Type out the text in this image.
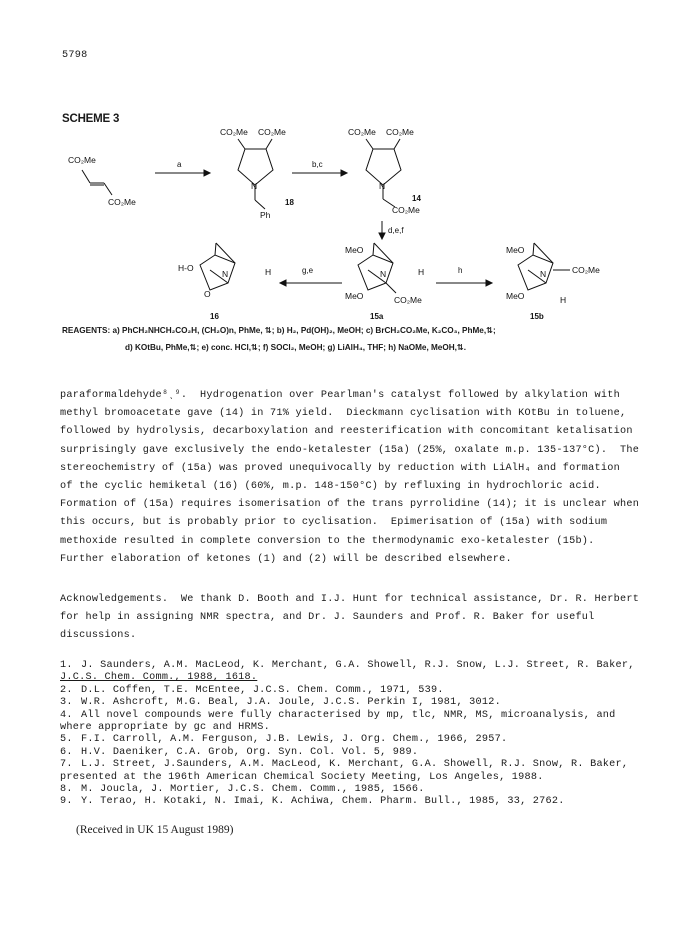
5798
SCHEME 3
CO₂Me
CO₂Me
a
CO₂Me CO₂Me
N
Ph
18
b,c
CO₂Me CO₂Me
N
CO₂Me
14
d,e,f
H-O
N
O
H
16
g,e
MeO
N	H
MeO	CO₂Me
15a
h
MeO
N	CO₂Me
MeO	H
15b
REAGENTS: a) PhCH₂NHCH₂CO₂H, (CH₂O)n, PhMe, ⇅; b) H₂, Pd(OH)₂, MeOH; c) BrCH₂CO₂Me, K₂CO₃, PhMe,⇅;
d) KOtBu, PhMe,⇅; e) conc. HCl,⇅; f) SOCl₂, MeOH; g) LiAlH₄, THF; h) NaOMe, MeOH,⇅.
paraformaldehyde⁸ˎ⁹.  Hydrogenation over Pearlman's catalyst followed by alkylation with
methyl bromoacetate gave (14) in 71% yield.  Dieckmann cyclisation with KOtBu in toluene,
followed by hydrolysis, decarboxylation and reesterification with concomitant ketalisation
surprisingly gave exclusively the endo-ketalester (15a) (25%, oxalate m.p. 135-137°C).  The
stereochemistry of (15a) was proved unequivocally by reduction with LiAlH₄ and formation
of the cyclic hemiketal (16) (60%, m.p. 148-150°C) by refluxing in hydrochloric acid.
Formation of (15a) requires isomerisation of the trans pyrrolidine (14); it is unclear when
this occurs, but is probably prior to cyclisation.  Epimerisation of (15a) with sodium
methoxide resulted in complete conversion to the thermodynamic exo-ketalester (15b).
Further elaboration of ketones (1) and (2) will be described elsewhere.
Acknowledgements.  We thank D. Booth and I.J. Hunt for technical assistance, Dr. R. Herbert
for help in assigning NMR spectra, and Dr. J. Saunders and Prof. R. Baker for useful
discussions.
1. J. Saunders, A.M. MacLeod, K. Merchant, G.A. Showell, R.J. Snow, L.J. Street, R. Baker,
J.C.S. Chem. Comm., 1988, 1618.
2. D.L. Coffen, T.E. McEntee, J.C.S. Chem. Comm., 1971, 539.
3. W.R. Ashcroft, M.G. Beal, J.A. Joule, J.C.S. Perkin I, 1981, 3012.
4. All novel compounds were fully characterised by mp, tlc, NMR, MS, microanalysis, and
where appropriate by gc and HRMS.
5. F.I. Carroll, A.M. Ferguson, J.B. Lewis, J. Org. Chem., 1966, 2957.
6. H.V. Daeniker, C.A. Grob, Org. Syn. Col. Vol. 5, 989.
7. L.J. Street, J.Saunders, A.M. MacLeod, K. Merchant, G.A. Showell, R.J. Snow, R. Baker,
presented at the 196th American Chemical Society Meeting, Los Angeles, 1988.
8. M. Joucla, J. Mortier, J.C.S. Chem. Comm., 1985, 1566.
9. Y. Terao, H. Kotaki, N. Imai, K. Achiwa, Chem. Pharm. Bull., 1985, 33, 2762.
(Received in UK 15 August 1989)
